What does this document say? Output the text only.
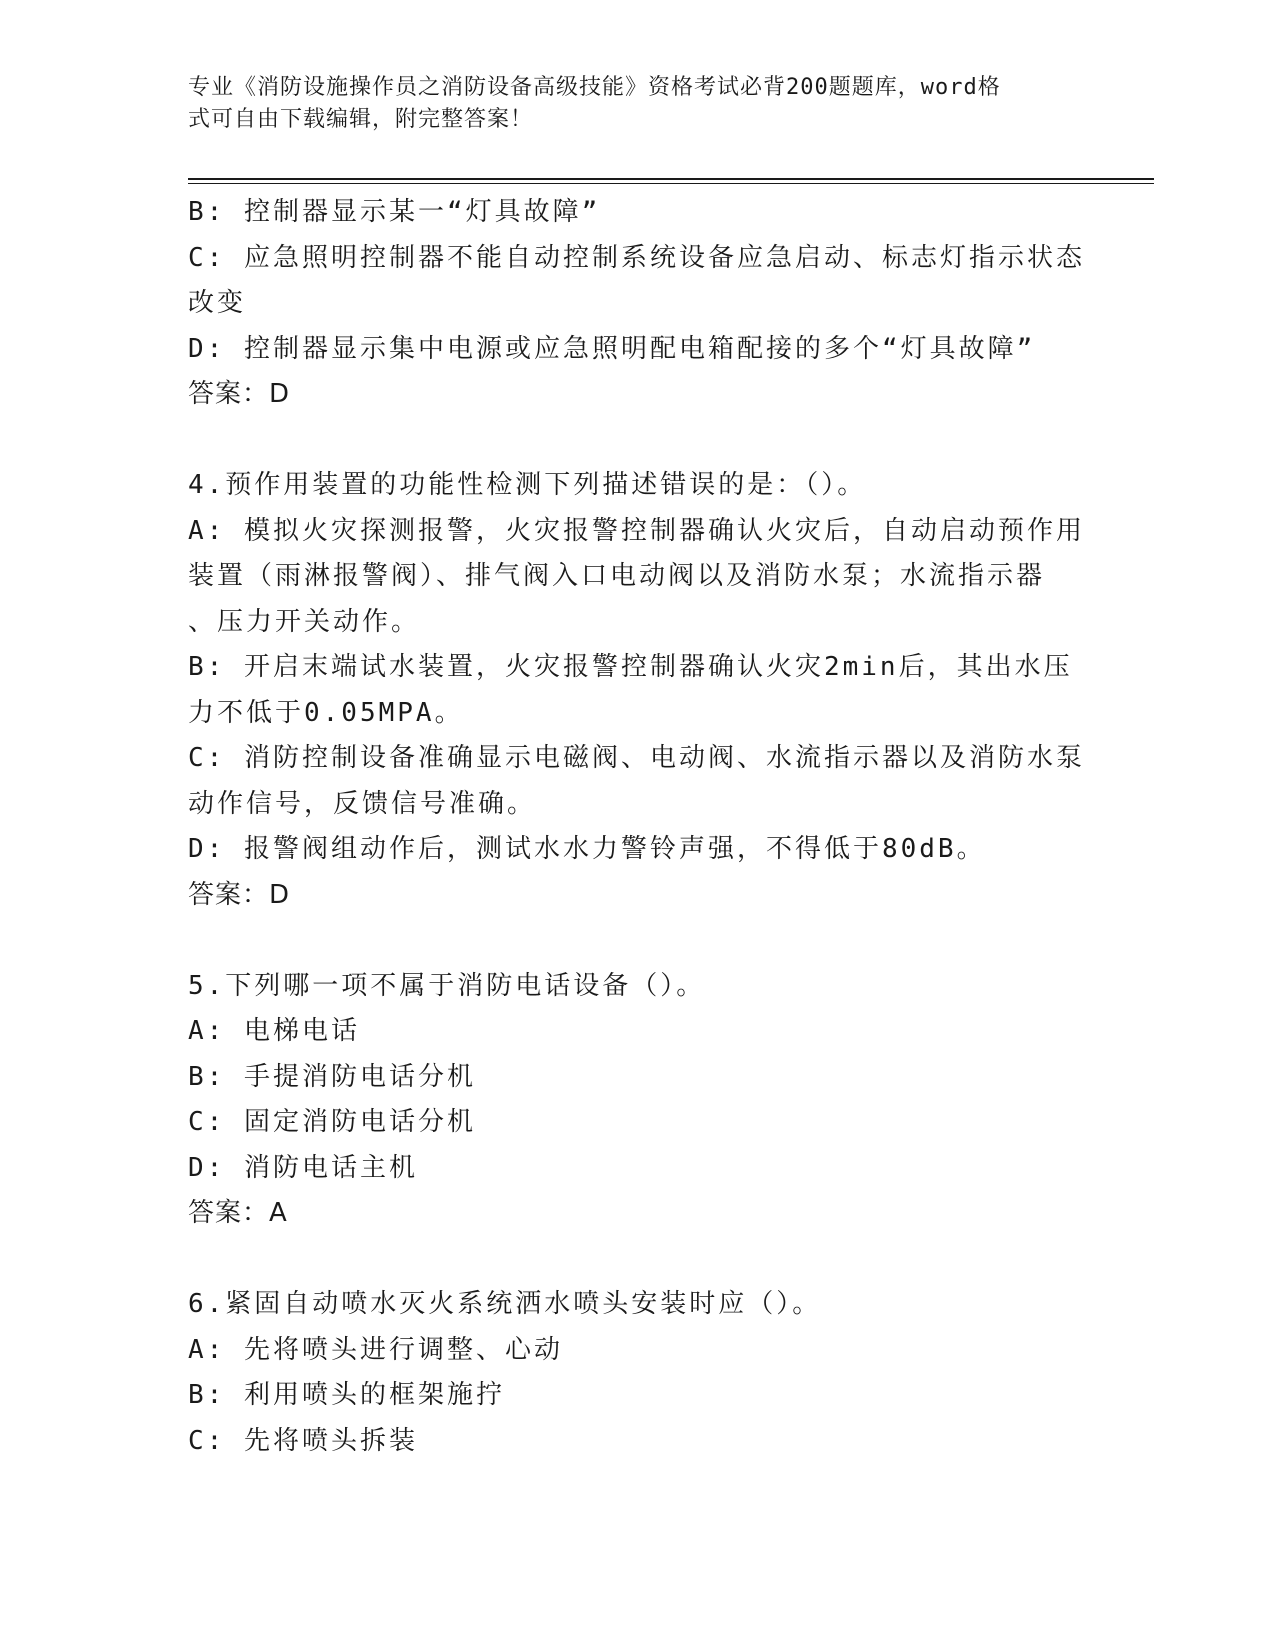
专业《消防设施操作员之消防设备高级技能》资格考试必背200题题库，word格
式可自由下载编辑，附完整答案！
B: 控制器显示某一“灯具故障”
C: 应急照明控制器不能自动控制系统设备应急启动、标志灯指示状态
改变
D: 控制器显示集中电源或应急照明配电箱配接的多个“灯具故障”
答案：D
4.预作用装置的功能性检测下列描述错误的是：（）。
A: 模拟火灾探测报警，火灾报警控制器确认火灾后，自动启动预作用
装置（雨淋报警阀）、排气阀入口电动阀以及消防水泵；水流指示器
、压力开关动作。
B: 开启末端试水装置，火灾报警控制器确认火灾2min后，其出水压
力不低于0.05MPA。
C: 消防控制设备准确显示电磁阀、电动阀、水流指示器以及消防水泵
动作信号，反馈信号准确。
D: 报警阀组动作后，测试水水力警铃声强，不得低于80dB。
答案：D
5.下列哪一项不属于消防电话设备（）。
A: 电梯电话
B: 手提消防电话分机
C: 固定消防电话分机
D: 消防电话主机
答案：A
6.紧固自动喷水灭火系统洒水喷头安装时应（）。
A: 先将喷头进行调整、心动
B: 利用喷头的框架施拧
C: 先将喷头拆装
